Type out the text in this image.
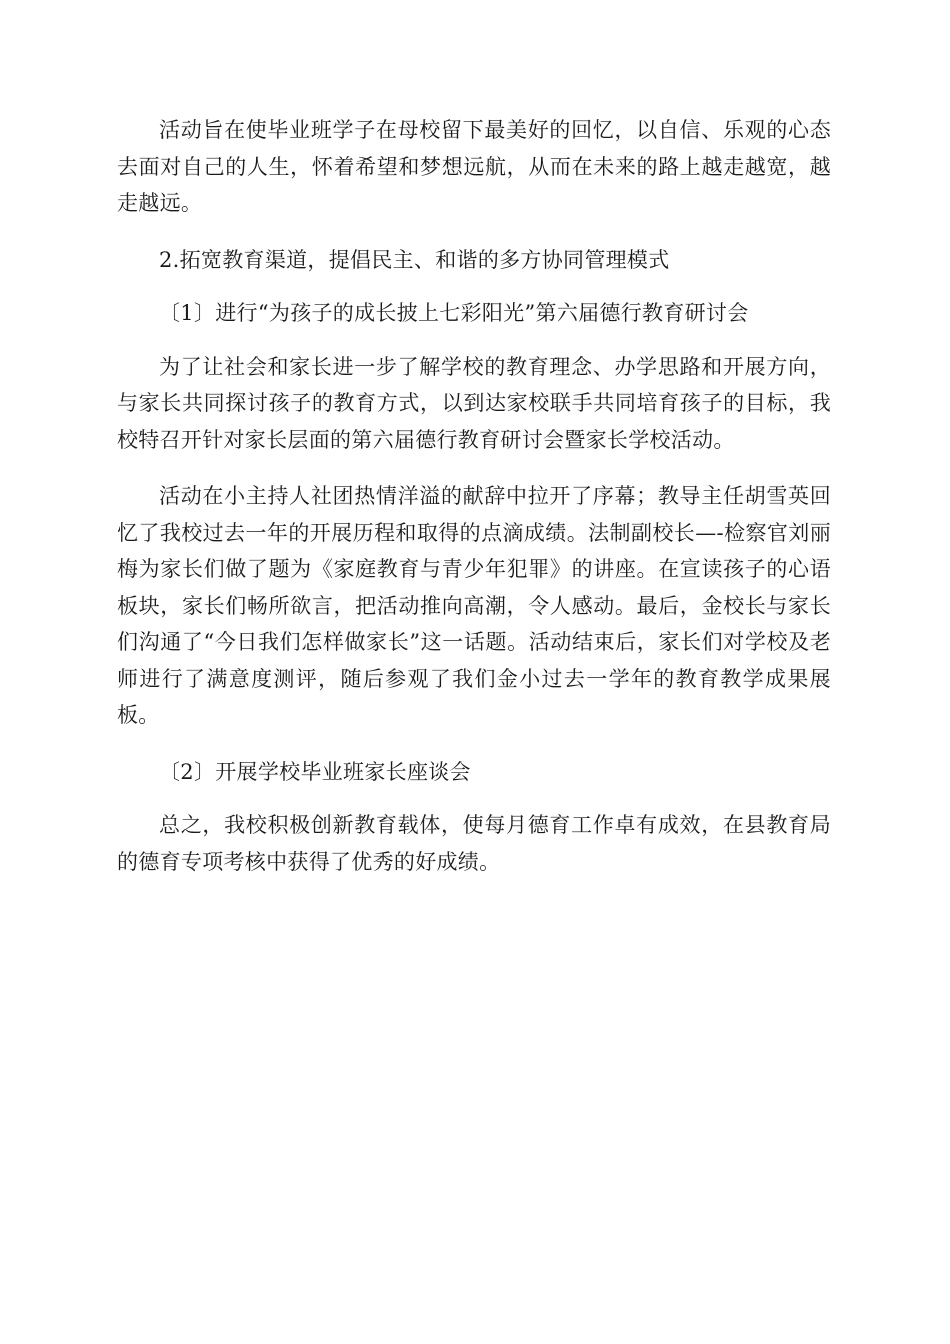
活动旨在使毕业班学子在母校留下最美好的回忆，以自信、乐观的心态去面对自己的人生，怀着希望和梦想远航，从而在未来的路上越走越宽，越走越远。

2.拓宽教育渠道，提倡民主、和谐的多方协同管理模式

〔1〕进行“为孩子的成长披上七彩阳光”第六届德行教育研讨会

为了让社会和家长进一步了解学校的教育理念、办学思路和开展方向，与家长共同探讨孩子的教育方式，以到达家校联手共同培育孩子的目标，我校特召开针对家长层面的第六届德行教育研讨会暨家长学校活动。

活动在小主持人社团热情洋溢的献辞中拉开了序幕；教导主任胡雪英回忆了我校过去一年的开展历程和取得的点滴成绩。法制副校长—-检察官刘丽梅为家长们做了题为《家庭教育与青少年犯罪》的讲座。在宣读孩子的心语板块，家长们畅所欲言，把活动推向高潮，令人感动。最后，金校长与家长们沟通了“今日我们怎样做家长”这一话题。活动结束后，家长们对学校及老师进行了满意度测评，随后参观了我们金小过去一学年的教育教学成果展板。

〔2〕开展学校毕业班家长座谈会

总之，我校积极创新教育载体，使每月德育工作卓有成效，在县教育局的德育专项考核中获得了优秀的好成绩。
